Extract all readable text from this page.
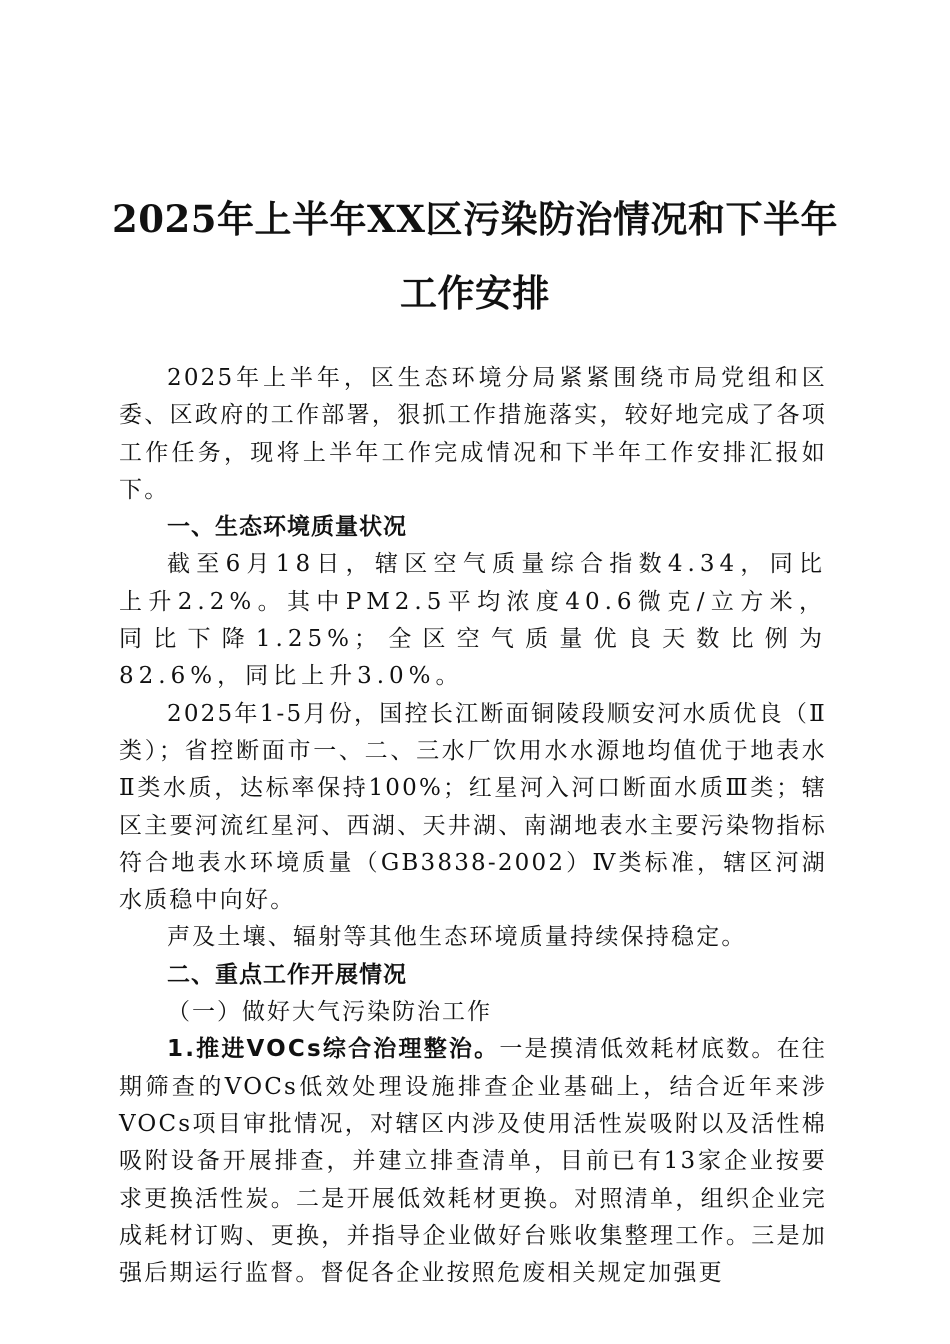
2025年上半年XX区污染防治情况和下半年工作安排

2025年上半年，区生态环境分局紧紧围绕市局党组和区委、区政府的工作部署，狠抓工作措施落实，较好地完成了各项工作任务，现将上半年工作完成情况和下半年工作安排汇报如下。

一、生态环境质量状况

截至6月18日，辖区空气质量综合指数4.34，同比上升2.2%。其中PM2.5平均浓度40.6微克/立方米，同比下降1.25%；全区空气质量优良天数比例为82.6%，同比上升3.0%。

2025年1-5月份，国控长江断面铜陵段顺安河水质优良（Ⅱ类）；省控断面市一、二、三水厂饮用水水源地均值优于地表水Ⅱ类水质，达标率保持100%；红星河入河口断面水质Ⅲ类；辖区主要河流红星河、西湖、天井湖、南湖地表水主要污染物指标符合地表水环境质量（GB3838-2002）Ⅳ类标准，辖区河湖水质稳中向好。

声及土壤、辐射等其他生态环境质量持续保持稳定。

二、重点工作开展情况

（一）做好大气污染防治工作

1.推进VOCs综合治理整治。一是摸清低效耗材底数。在往期筛查的VOCs低效处理设施排查企业基础上，结合近年来涉VOCs项目审批情况，对辖区内涉及使用活性炭吸附以及活性棉吸附设备开展排查，并建立排查清单，目前已有13家企业按要求更换活性炭。二是开展低效耗材更换。对照清单，组织企业完成耗材订购、更换，并指导企业做好台账收集整理工作。三是加强后期运行监督。督促各企业按照危废相关规定加强更
